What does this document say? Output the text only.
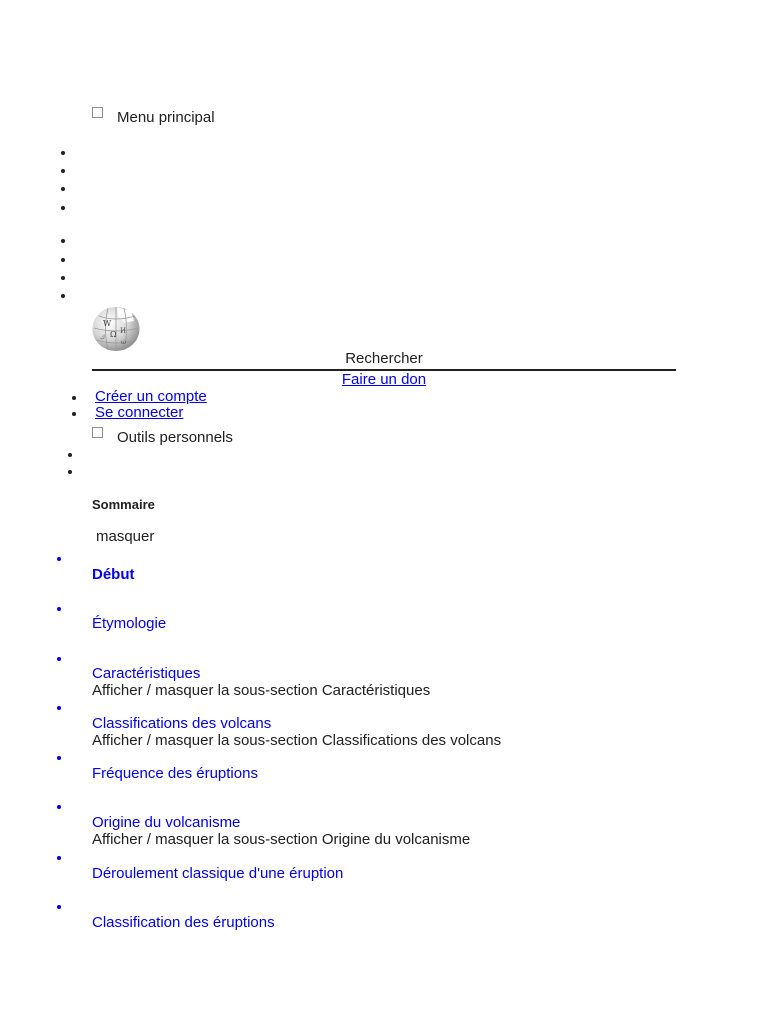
Menu principal
W
Ω И
ك
ω
Rechercher
Faire un don
Créer un compte
Se connecter
Outils personnels
Sommaire
masquer
Début
Étymologie
Caractéristiques
Afficher / masquer la sous-section Caractéristiques
Classifications des volcans
Afficher / masquer la sous-section Classifications des volcans
Fréquence des éruptions
Origine du volcanisme
Afficher / masquer la sous-section Origine du volcanisme
Déroulement classique d'une éruption
Classification des éruptions
